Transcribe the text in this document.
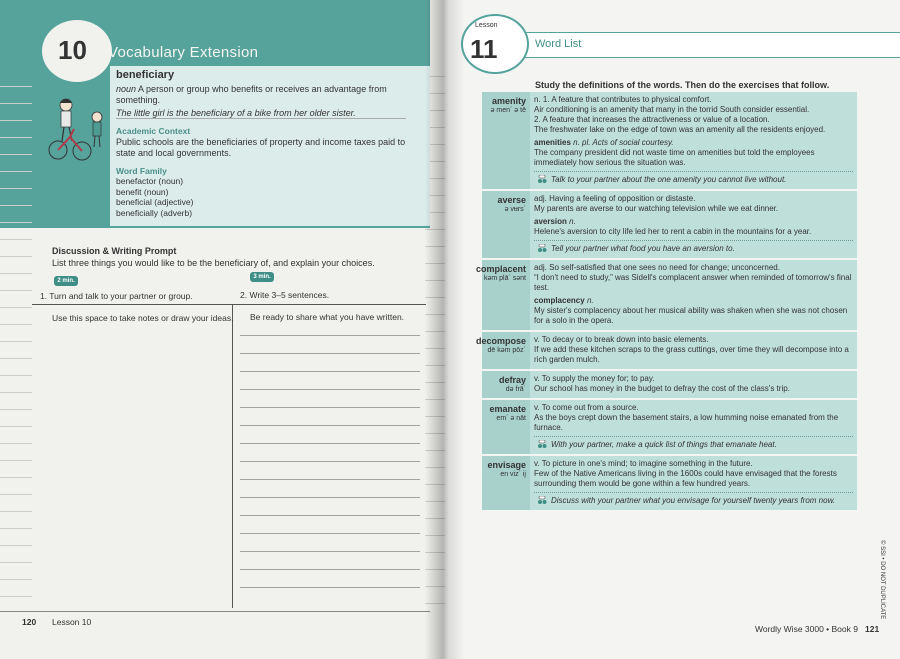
10 Vocabulary Extension
beneficiary
noun A person or group who benefits or receives an advantage from something.
The little girl is the beneficiary of a bike from her older sister.
Academic Context
Public schools are the beneficiaries of property and income taxes paid to state and local governments.
Word Family
benefactor (noun)
benefit (noun)
beneficial (adjective)
beneficially (adverb)
Discussion & Writing Prompt
List three things you would like to be the beneficiary of, and explain your choices.
2 min.
3 min.
1. Turn and talk to your partner or group.	2. Write 3–5 sentences.
Use this space to take notes or draw your ideas. Be ready to share what you have written.
120 Lesson 10
Lesson
11	Word List
Study the definitions of the words. Then do the exercises that follow.
amenity
ə men´ ə tē

n. 1. A feature that contributes to physical comfort.

Air conditioning is an amenity that many in the torrid South consider essential.

2. A feature that increases the attractiveness or value of a location.

The freshwater lake on the edge of town was an amenity all the residents enjoyed.

amenities n. pl. Acts of social courtesy.

The company president did not waste time on amenities but told the employees immediately how serious the situation was.

Talk to your partner about the one amenity you cannot live without.

averse
ə vʉrs´

adj. Having a feeling of opposition or distaste.

My parents are averse to our watching television while we eat dinner.

aversion n.

Helene's aversion to city life led her to rent a cabin in the mountains for a year.

Tell your partner what food you have an aversion to.

complacent
kəm plā´ sənt

adj. So self-satisfied that one sees no need for change; unconcerned.

“I don't need to study,” was Sidell's complacent answer when reminded of tomorrow's final test.

complacency n.

My sister's complacency about her musical ability was shaken when she was not chosen for a solo in the opera.

decompose
dē kəm pōz´

v. To decay or to break down into basic elements.

If we add these kitchen scraps to the grass cuttings, over time they will decompose into a rich garden mulch.

defray
də frā´

v. To supply the money for; to pay.

Our school has money in the budget to defray the cost of the class's trip.

emanate
em´ ə nāt

v. To come out from a source.

As the boys crept down the basement stairs, a low humming noise emanated from the furnace.

With your partner, make a quick list of things that emanate heat.

envisage
en viz´ ij

v. To picture in one's mind; to imagine something in the future.

Few of the Native Americans living in the 1600s could have envisaged that the forests surrounding them would be gone within a few hundred years.

Discuss with your partner what you envisage for yourself twenty years from now.

Wordly Wise 3000 • Book 9 121
© SSI • DO NOT DUPLICATE
